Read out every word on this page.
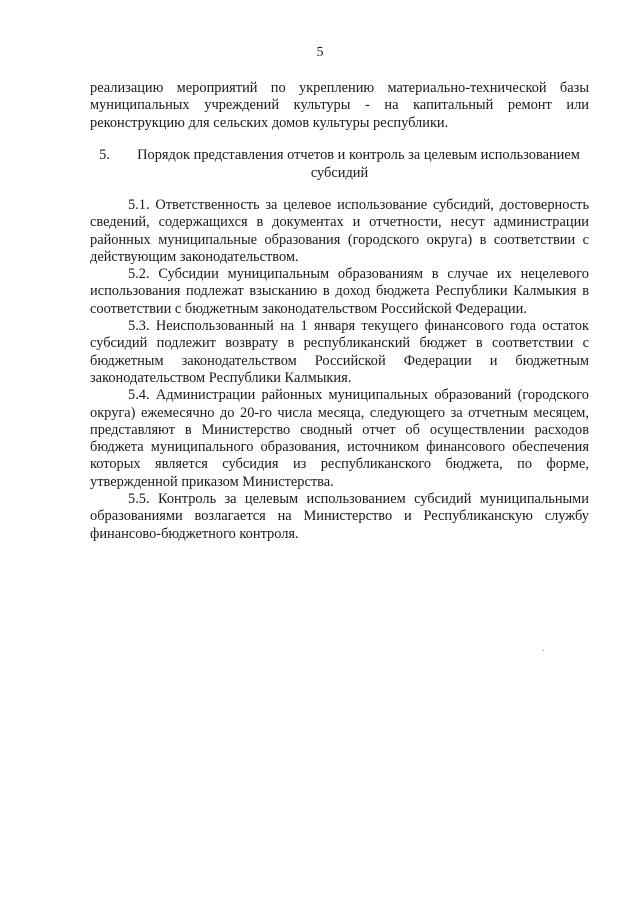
5

реализацию мероприятий по укреплению материально-технической базы муниципальных учреждений культуры - на капитальный ремонт или реконструкцию для сельских домов культуры республики.

5. Порядок представления отчетов и контроль за целевым использованием субсидий

5.1. Ответственность за целевое использование субсидий, достоверность сведений, содержащихся в документах и отчетности, несут администрации районных муниципальные образования (городского округа) в соответствии с действующим законодательством.

5.2. Субсидии муниципальным образованиям в случае их нецелевого использования подлежат взысканию в доход бюджета Республики Калмыкия в соответствии с бюджетным законодательством Российской Федерации.

5.3. Неиспользованный на 1 января текущего финансового года остаток субсидий подлежит возврату в республиканский бюджет в соответствии с бюджетным законодательством Российской Федерации и бюджетным законодательством Республики Калмыкия.

5.4. Администрации районных муниципальных образований (городского округа) ежемесячно до 20-го числа месяца, следующего за отчетным месяцем, представляют в Министерство сводный отчет об осуществлении расходов бюджета муниципального образования, источником финансового обеспечения которых является субсидия из республиканского бюджета, по форме, утвержденной приказом Министерства.

5.5. Контроль за целевым использованием субсидий муниципальными образованиями возлагается на Министерство и Республиканскую службу финансово-бюджетного контроля.
